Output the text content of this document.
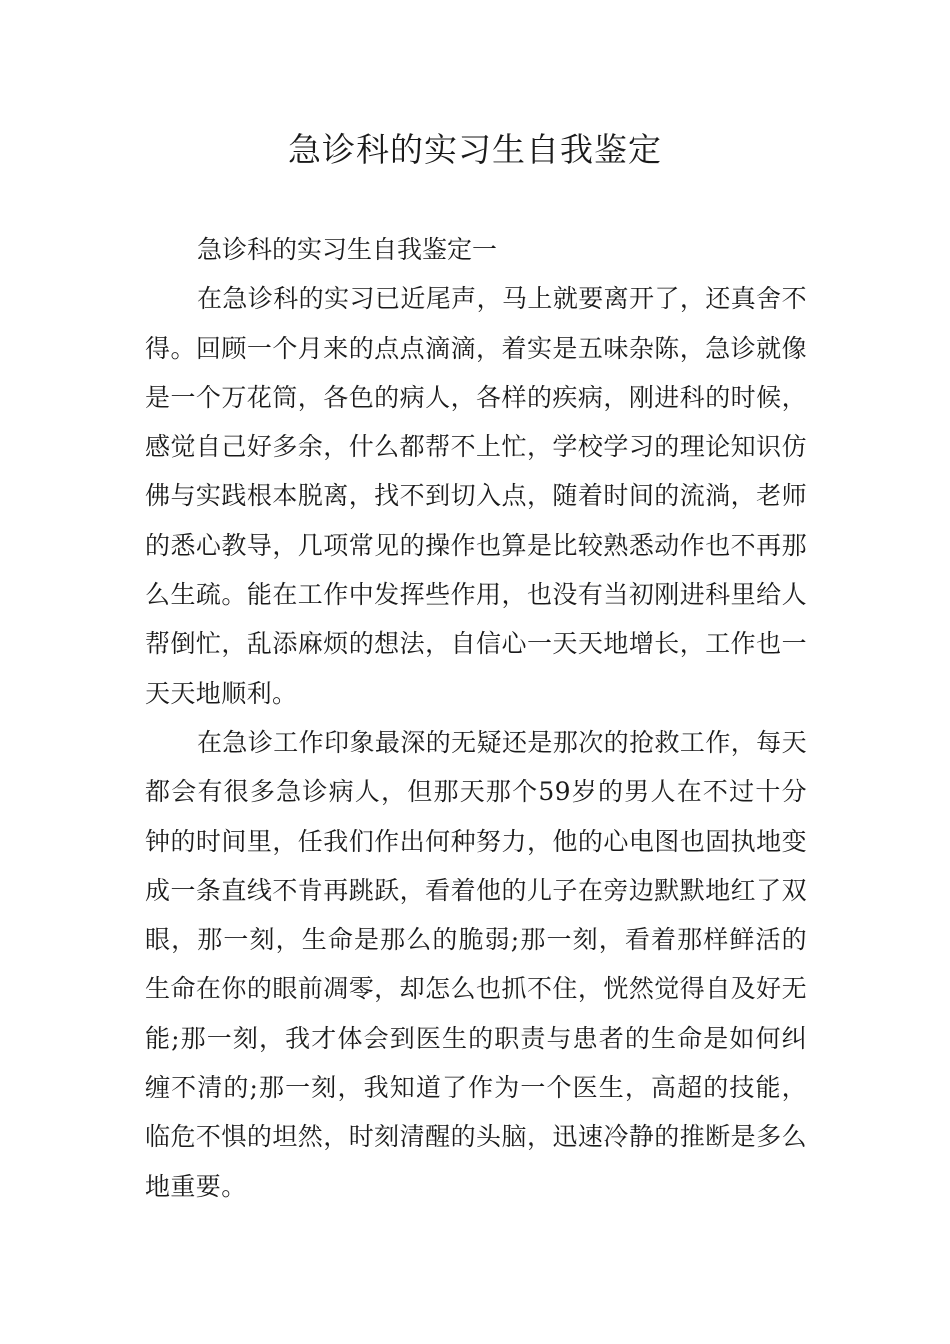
急诊科的实习生自我鉴定

急诊科的实习生自我鉴定一

在急诊科的实习已近尾声，马上就要离开了，还真舍不得。回顾一个月来的点点滴滴，着实是五味杂陈，急诊就像是一个万花筒，各色的病人，各样的疾病，刚进科的时候，感觉自己好多余，什么都帮不上忙，学校学习的理论知识仿佛与实践根本脱离，找不到切入点，随着时间的流淌，老师的悉心教导，几项常见的操作也算是比较熟悉动作也不再那么生疏。能在工作中发挥些作用，也没有当初刚进科里给人帮倒忙，乱添麻烦的想法，自信心一天天地增长，工作也一天天地顺利。

在急诊工作印象最深的无疑还是那次的抢救工作，每天都会有很多急诊病人，但那天那个59岁的男人在不过十分钟的时间里，任我们作出何种努力，他的心电图也固执地变成一条直线不肯再跳跃，看着他的儿子在旁边默默地红了双眼，那一刻，生命是那么的脆弱;那一刻，看着那样鲜活的生命在你的眼前凋零，却怎么也抓不住，恍然觉得自及好无能;那一刻，我才体会到医生的职责与患者的生命是如何纠缠不清的;那一刻，我知道了作为一个医生，高超的技能，临危不惧的坦然，时刻清醒的头脑，迅速冷静的推断是多么地重要。
